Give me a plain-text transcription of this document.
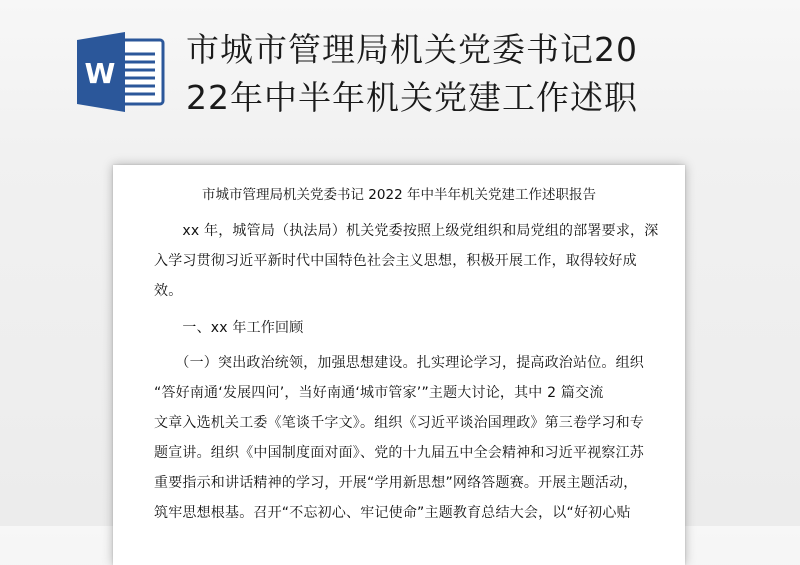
W
市城市管理局机关党委书记20
22年中半年机关党建工作述职
市城市管理局机关党委书记 2022 年中半年机关党建工作述职报告

　　xx 年，城管局（执法局）机关党委按照上级党组织和局党组的部署要求，深

入学习贯彻习近平新时代中国特色社会主义思想，积极开展工作，取得较好成

效。

　　一、xx 年工作回顾

　　（一）突出政治统领，加强思想建设。扎实理论学习，提高政治站位。组织

“答好南通‘发展四问’，当好南通‘城市管家’”主题大讨论，其中 2 篇交流

文章入选机关工委《笔谈千字文》。组织《习近平谈治国理政》第三卷学习和专

题宣讲。组织《中国制度面对面》、党的十九届五中全会精神和习近平视察江苏

重要指示和讲话精神的学习，开展“学用新思想”网络答题赛。开展主题活动，

筑牢思想根基。召开“不忘初心、牢记使命”主题教育总结大会，以“好初心贴
